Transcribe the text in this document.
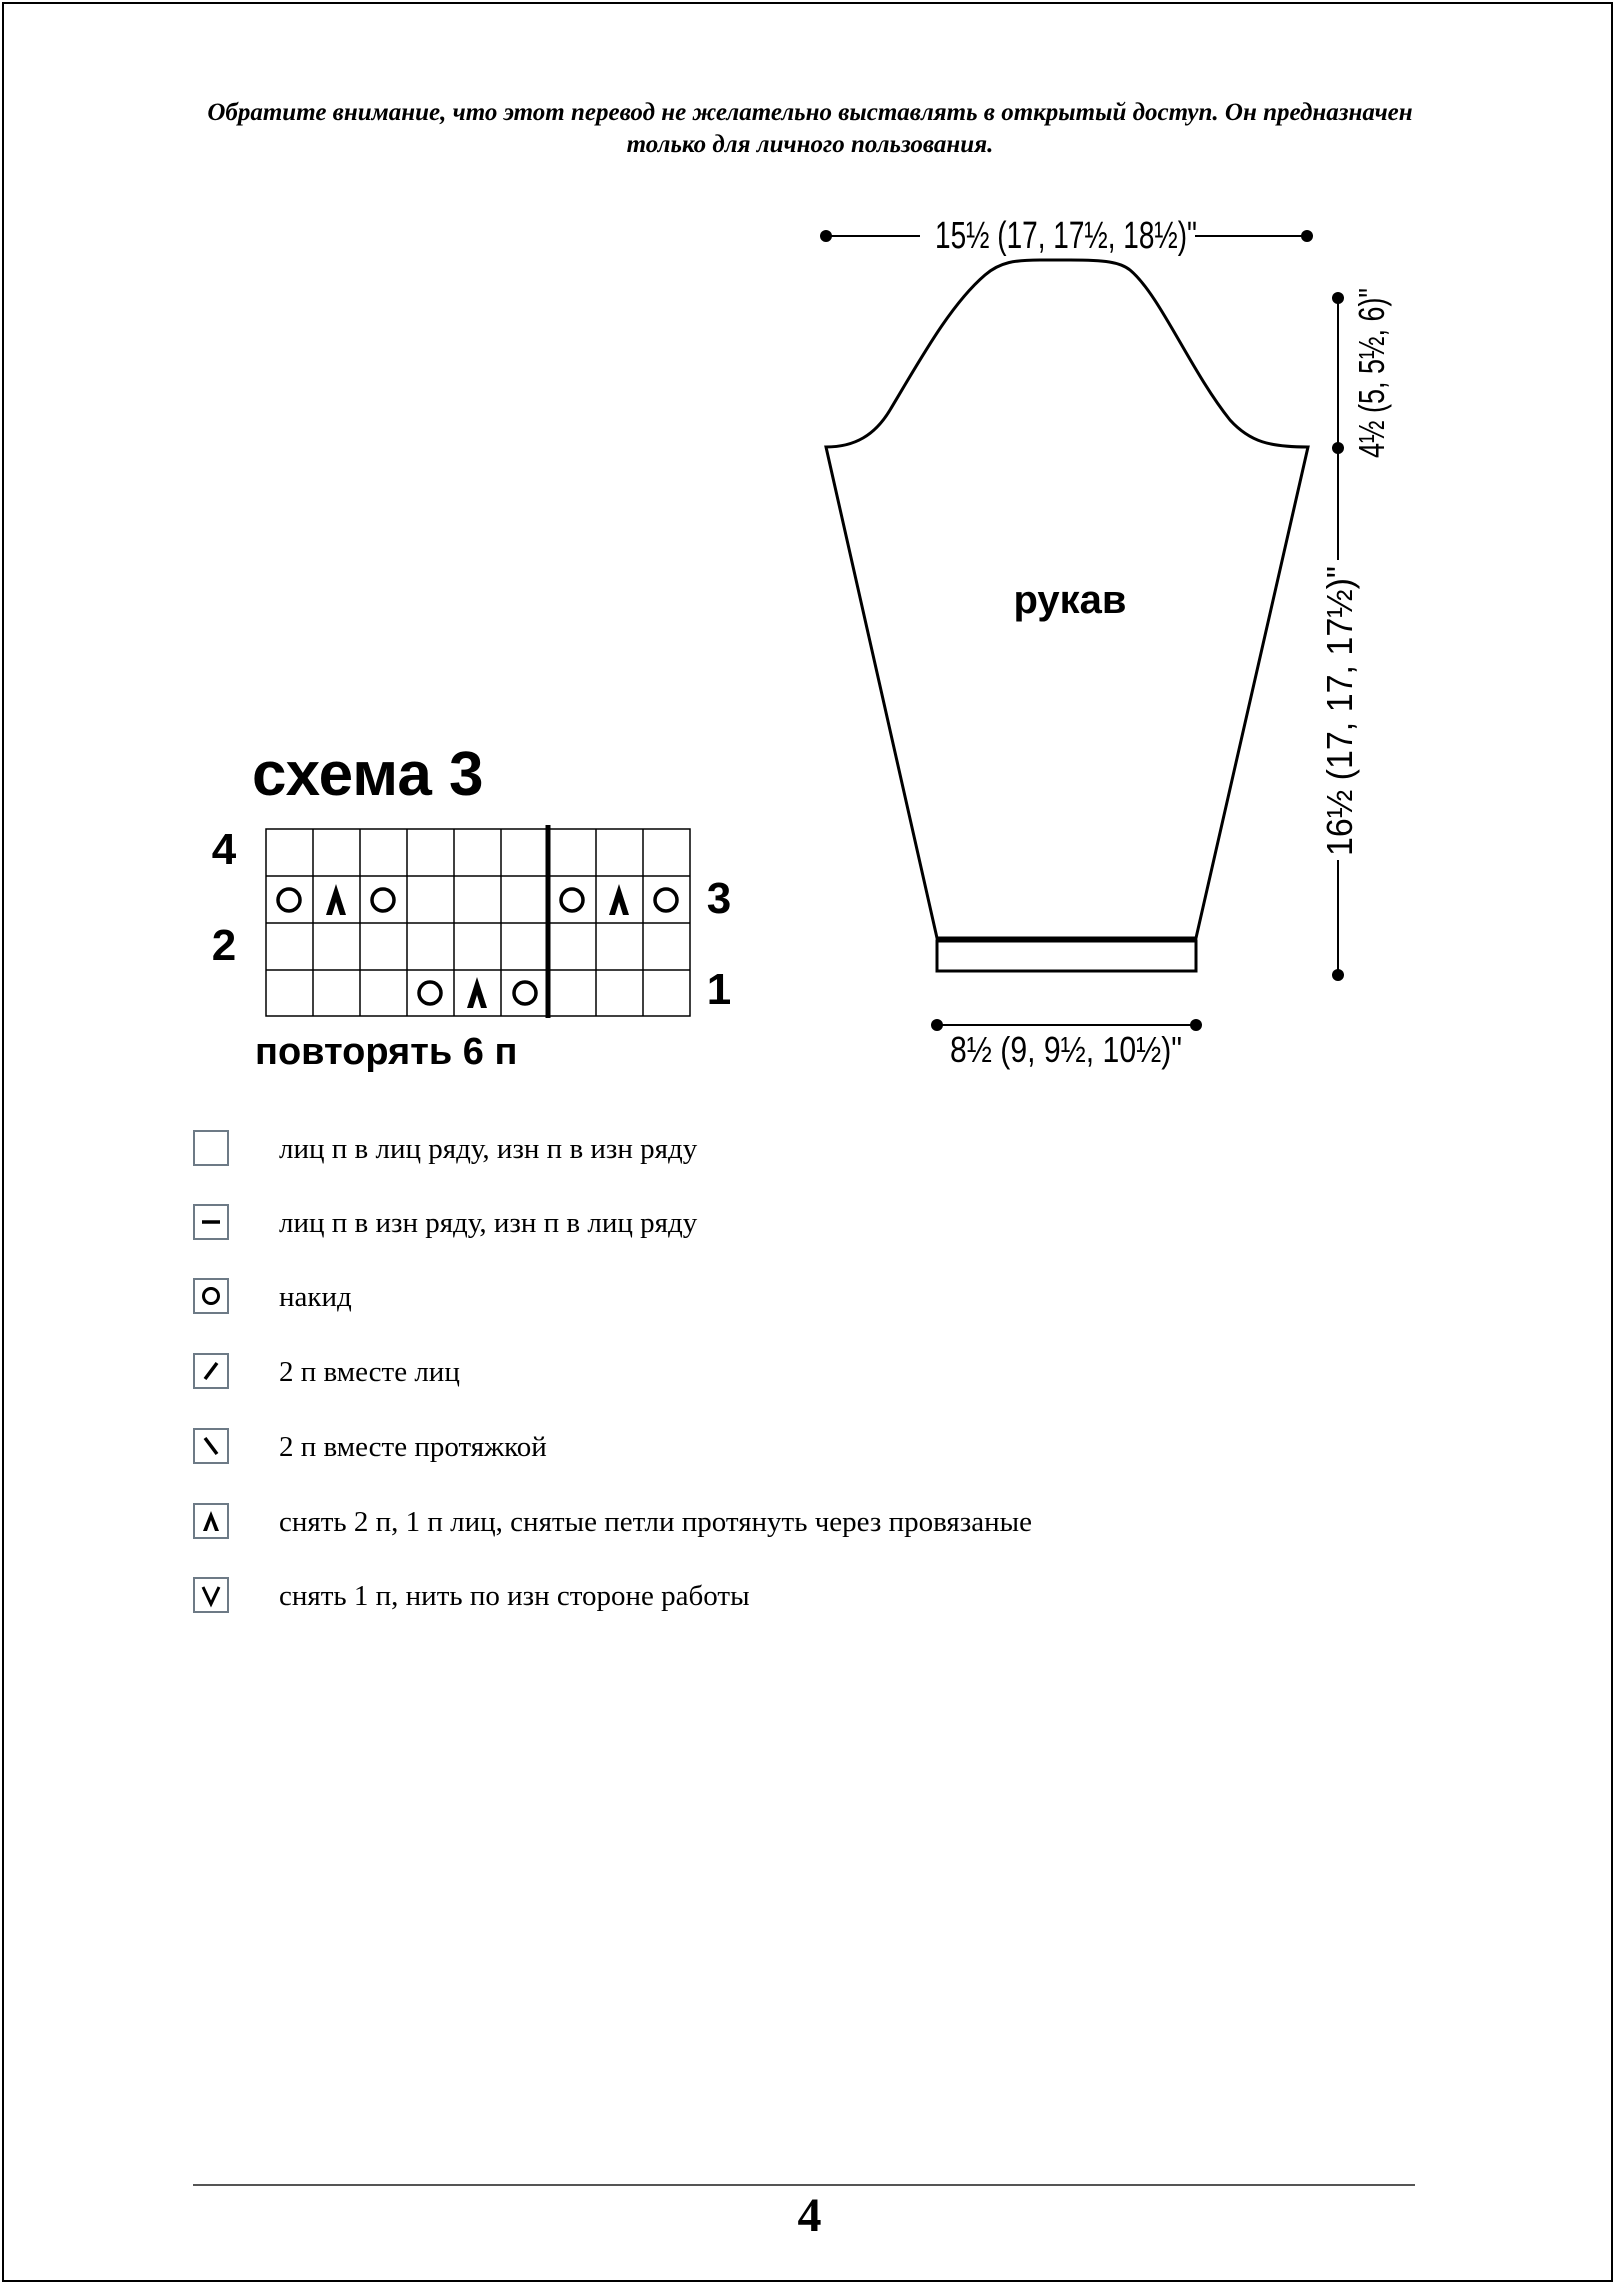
Обратите внимание, что этот перевод не желательно выставлять в открытый доступ. Он предназначен только для личного пользования.
15½ (17, 17½, 18½)"
рукав
4½ (5, 5½, 6)"
16½ (17, 17, 17½)"
8½ (9, 9½, 10½)"
схема 3
4
3
2
1
повторять 6 п
лиц п в лиц ряду, изн п в изн ряду
лиц п в изн ряду, изн п в лиц ряду
накид
2 п вместе лиц
2 п вместе протяжкой
снять 2 п, 1 п лиц, снятые петли протянуть через провязаные
снять 1 п, нить по изн стороне работы
4
